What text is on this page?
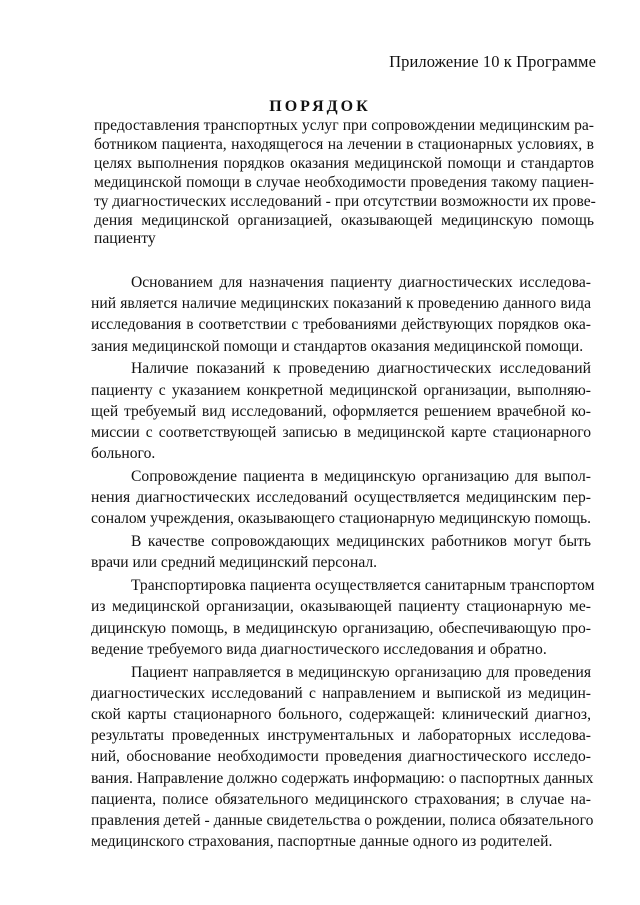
Приложение 10 к Программе
ПОРЯДОК
предоставления транспортных услуг при сопровождении медицинским ра-
ботником пациента, находящегося на лечении в стационарных условиях, в
целях выполнения порядков оказания медицинской помощи и стандартов
медицинской помощи в случае необходимости проведения такому пациен-
ту диагностических исследований - при отсутствии возможности их прове-
дения медицинской организацией, оказывающей медицинскую помощь
пациенту
Основанием для назначения пациенту диагностических исследова-
ний является наличие медицинских показаний к проведению данного вида
исследования в соответствии с требованиями действующих порядков ока-
зания медицинской помощи и стандартов оказания медицинской помощи.
Наличие показаний к проведению диагностических исследований
пациенту с указанием конкретной медицинской организации, выполняю-
щей требуемый вид исследований, оформляется решением врачебной ко-
миссии с соответствующей записью в медицинской карте стационарного
больного.
Сопровождение пациента в медицинскую организацию для выпол-
нения диагностических исследований осуществляется медицинским пер-
соналом учреждения, оказывающего стационарную медицинскую помощь.
В качестве сопровождающих медицинских работников могут быть
врачи или средний медицинский персонал.
Транспортировка пациента осуществляется санитарным транспортом
из медицинской организации, оказывающей пациенту стационарную ме-
дицинскую помощь, в медицинскую организацию, обеспечивающую про-
ведение требуемого вида диагностического исследования и обратно.
Пациент направляется в медицинскую организацию для проведения
диагностических исследований с направлением и выпиской из медицин-
ской карты стационарного больного, содержащей: клинический диагноз,
результаты проведенных инструментальных и лабораторных исследова-
ний, обоснование необходимости проведения диагностического исследо-
вания. Направление должно содержать информацию: о паспортных данных
пациента, полисе обязательного медицинского страхования; в случае на-
правления детей - данные свидетельства о рождении, полиса обязательного
медицинского страхования, паспортные данные одного из родителей.
